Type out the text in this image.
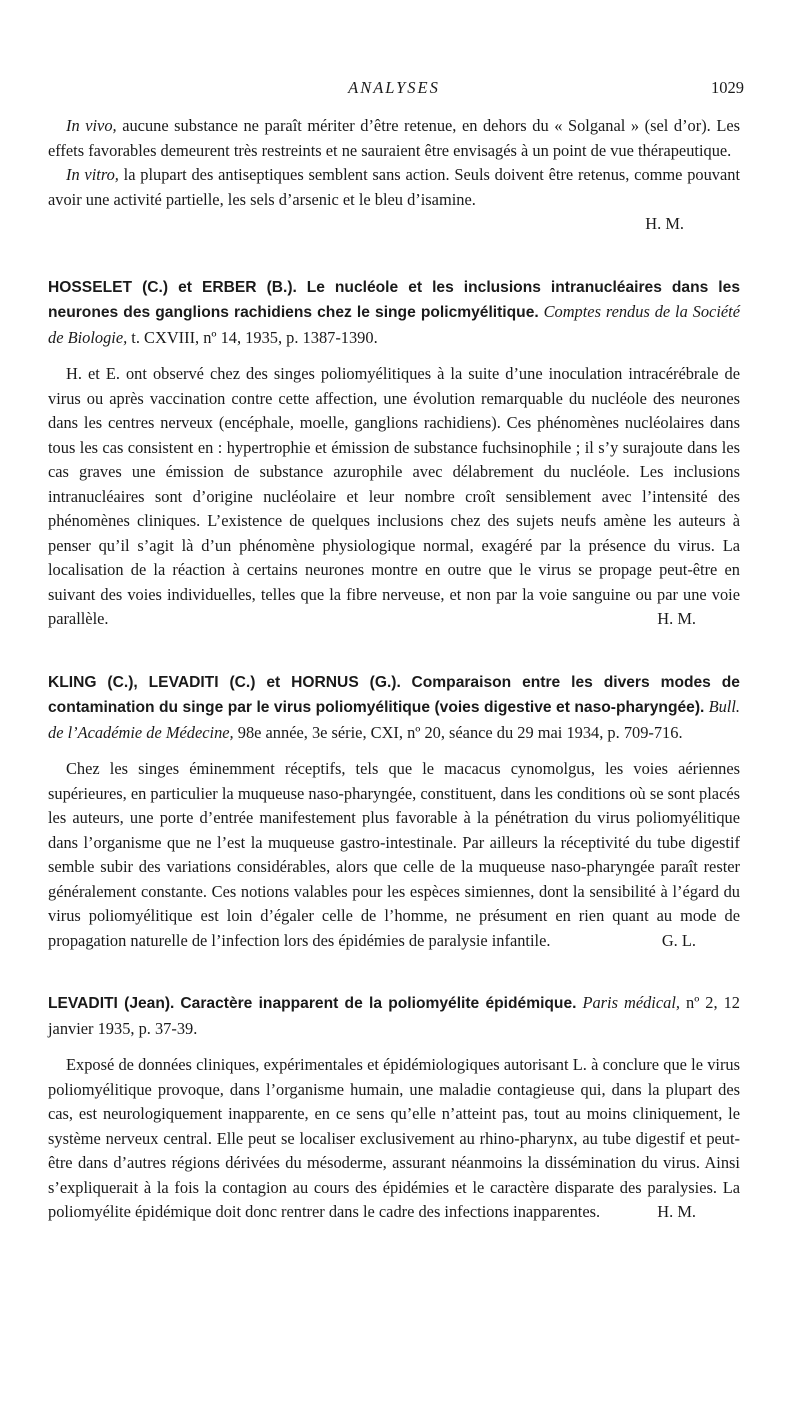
ANALYSES	1029

In vivo, aucune substance ne paraît mériter d’être retenue, en dehors du « Solganal » (sel d’or). Les effets favorables demeurent très restreints et ne sauraient être envisagés à un point de vue thérapeutique.

In vitro, la plupart des antiseptiques semblent sans action. Seuls doivent être retenus, comme pouvant avoir une activité partielle, les sels d’arsenic et le bleu d’isamine.

H. M.

HOSSELET (C.) et ERBER (B.). Le nucléole et les inclusions intranucléaires dans les neurones des ganglions rachidiens chez le singe policmyélitique. Comptes rendus de la Société de Biologie, t. CXVIII, nº 14, 1935, p. 1387-1390.

H. et E. ont observé chez des singes poliomyélitiques à la suite d’une inoculation intracérébrale de virus ou après vaccination contre cette affection, une évolution remarquable du nucléole des neurones dans les centres nerveux (encéphale, moelle, ganglions rachidiens). Ces phénomènes nucléolaires dans tous les cas consistent en : hypertrophie et émission de substance fuchsinophile ; il s’y surajoute dans les cas graves une émission de substance azurophile avec délabrement du nucléole. Les inclusions intranucléaires sont d’origine nucléolaire et leur nombre croît sensiblement avec l’intensité des phénomènes cliniques. L’existence de quelques inclusions chez des sujets neufs amène les auteurs à penser qu’il s’agit là d’un phénomène physiologique normal, exagéré par la présence du virus. La localisation de la réaction à certains neurones montre en outre que le virus se propage peut-être en suivant des voies individuelles, telles que la fibre nerveuse, et non par la voie sanguine ou par une voie parallèle.	H. M.

KLING (C.), LEVADITI (C.) et HORNUS (G.). Comparaison entre les divers modes de contamination du singe par le virus poliomyélitique (voies digestive et naso-pharyngée). Bull. de l’Académie de Médecine, 98e année, 3e série, CXI, nº 20, séance du 29 mai 1934, p. 709-716.

Chez les singes éminemment réceptifs, tels que le macacus cynomolgus, les voies aériennes supérieures, en particulier la muqueuse naso-pharyngée, constituent, dans les conditions où se sont placés les auteurs, une porte d’entrée manifestement plus favorable à la pénétration du virus poliomyélitique dans l’organisme que ne l’est la muqueuse gastro-intestinale. Par ailleurs la réceptivité du tube digestif semble subir des variations considérables, alors que celle de la muqueuse naso-pharyngée paraît rester généralement constante. Ces notions valables pour les espèces simiennes, dont la sensibilité à l’égard du virus poliomyélitique est loin d’égaler celle de l’homme, ne présument en rien quant au mode de propagation naturelle de l’infection lors des épidémies de paralysie infantile.	G. L.

LEVADITI (Jean). Caractère inapparent de la poliomyélite épidémique. Paris médical, nº 2, 12 janvier 1935, p. 37-39.

Exposé de données cliniques, expérimentales et épidémiologiques autorisant L. à conclure que le virus poliomyélitique provoque, dans l’organisme humain, une maladie contagieuse qui, dans la plupart des cas, est neurologiquement inapparente, en ce sens qu’elle n’atteint pas, tout au moins cliniquement, le système nerveux central. Elle peut se localiser exclusivement au rhino-pharynx, au tube digestif et peut-être dans d’autres régions dérivées du mésoderme, assurant néanmoins la dissémination du virus. Ainsi s’expliquerait à la fois la contagion au cours des épidémies et le caractère disparate des paralysies. La poliomyélite épidémique doit donc rentrer dans le cadre des infections inapparentes.	H. M.
